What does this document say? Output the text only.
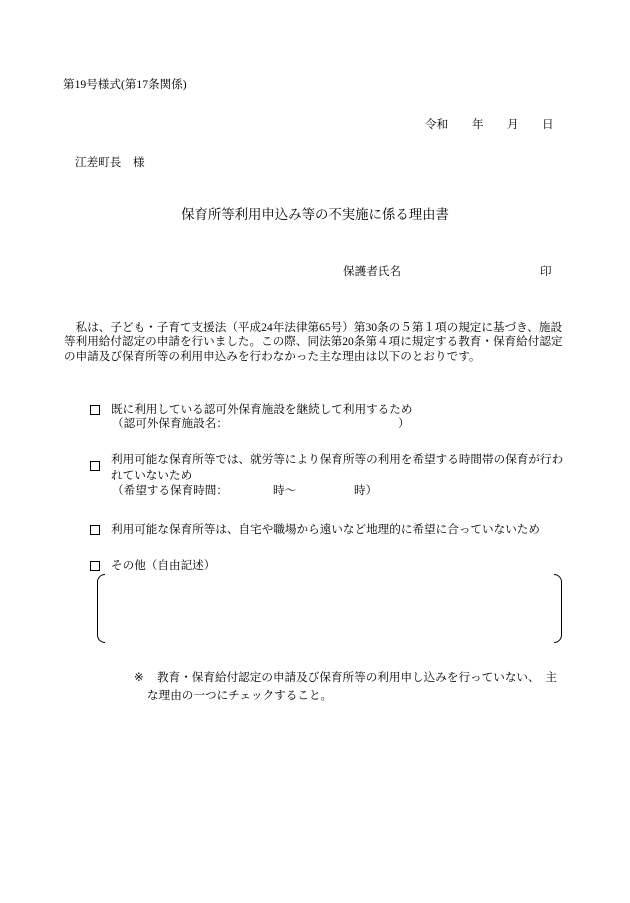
第19号様式(第17条関係)
令和 年 月 日
江差町長　様
保育所等利用申込み等の不実施に係る理由書
保護者氏名	印
　私は、子ども・子育て支援法（平成24年法律第65号）第30条の５第１項の規定に基づき、施設
等利用給付認定の申請を行いました。この際、同法第20条第４項に規定する教育・保育給付認定
の申請及び保育所等の利用申込みを行わなかった主な理由は以下のとおりです。
既に利用している認可外保育施設を継続して利用するため
（認可外保育施設名：	）
利用可能な保育所等では、就労等により保育所等の利用を希望する時間帯の保育が行わ
れていないため
（希望する保育時間：	時～	時）
利用可能な保育所等は、自宅や職場から遠いなど地理的に希望に合っていないため
その他（自由記述）
※ 教育・保育給付認定の申請及び保育所等の利用申し込みを行っていない、　主
な理由の一つにチェックすること。
